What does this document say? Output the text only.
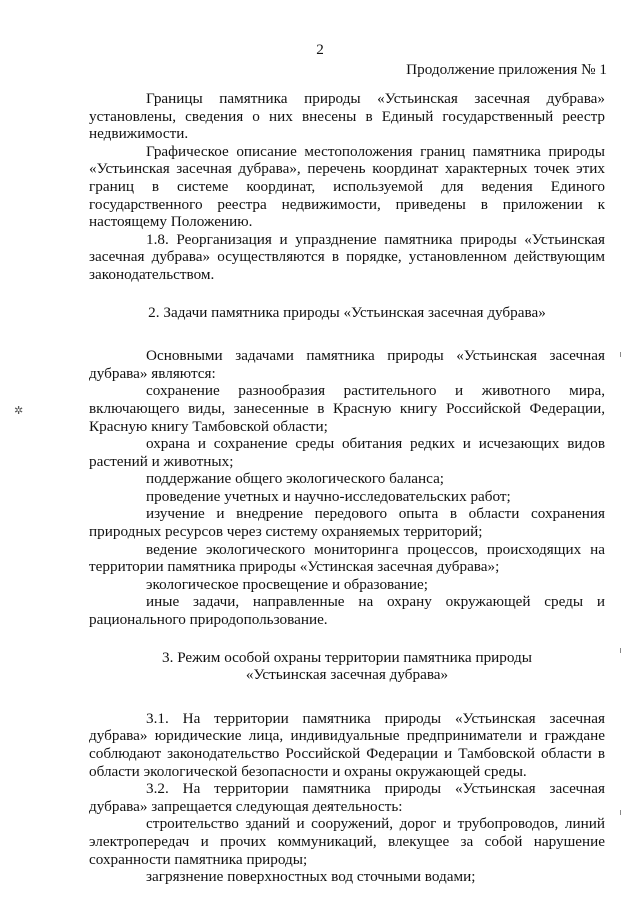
2
Продолжение приложения № 1

Границы памятника природы «Устьинская засечная дубрава» установлены, сведения о них внесены в Единый государственный реестр недвижимости.

Графическое описание местоположения границ памятника природы «Устьинская засечная дубрава», перечень координат характерных точек этих границ в системе координат, используемой для ведения Единого государственного реестра недвижимости, приведены в приложении к настоящему Положению.

1.8. Реорганизация и упразднение памятника природы «Устьинская засечная дубрава» осуществляются в порядке, установленном действующим законодательством.

2. Задачи памятника природы «Устьинская засечная дубрава»

Основными задачами памятника природы «Устьинская засечная дубрава» являются:

сохранение разнообразия растительного и животного мира, включающего виды, занесенные в Красную книгу Российской Федерации, Красную книгу Тамбовской области;

охрана и сохранение среды обитания редких и исчезающих видов растений и животных;

поддержание общего экологического баланса;

проведение учетных и научно-исследовательских работ;

изучение и внедрение передового опыта в области сохранения природных ресурсов через систему охраняемых территорий;

ведение экологического мониторинга процессов, происходящих на территории памятника природы «Устинская засечная дубрава»;

экологическое просвещение и образование;

иные задачи, направленные на охрану окружающей среды и рационального природопользование.

3. Режим особой охраны территории памятника природы

«Устьинская засечная дубрава»

3.1. На территории памятника природы «Устьинская засечная дубрава» юридические лица, индивидуальные предприниматели и граждане соблюдают законодательство Российской Федерации и Тамбовской области в области экологической безопасности и охраны окружающей среды.

3.2. На территории памятника природы «Устьинская засечная дубрава» запрещается следующая деятельность:

строительство зданий и сооружений, дорог и трубопроводов, линий электропередач и прочих коммуникаций, влекущее за собой нарушение сохранности памятника природы;

загрязнение поверхностных вод сточными водами;

✲
